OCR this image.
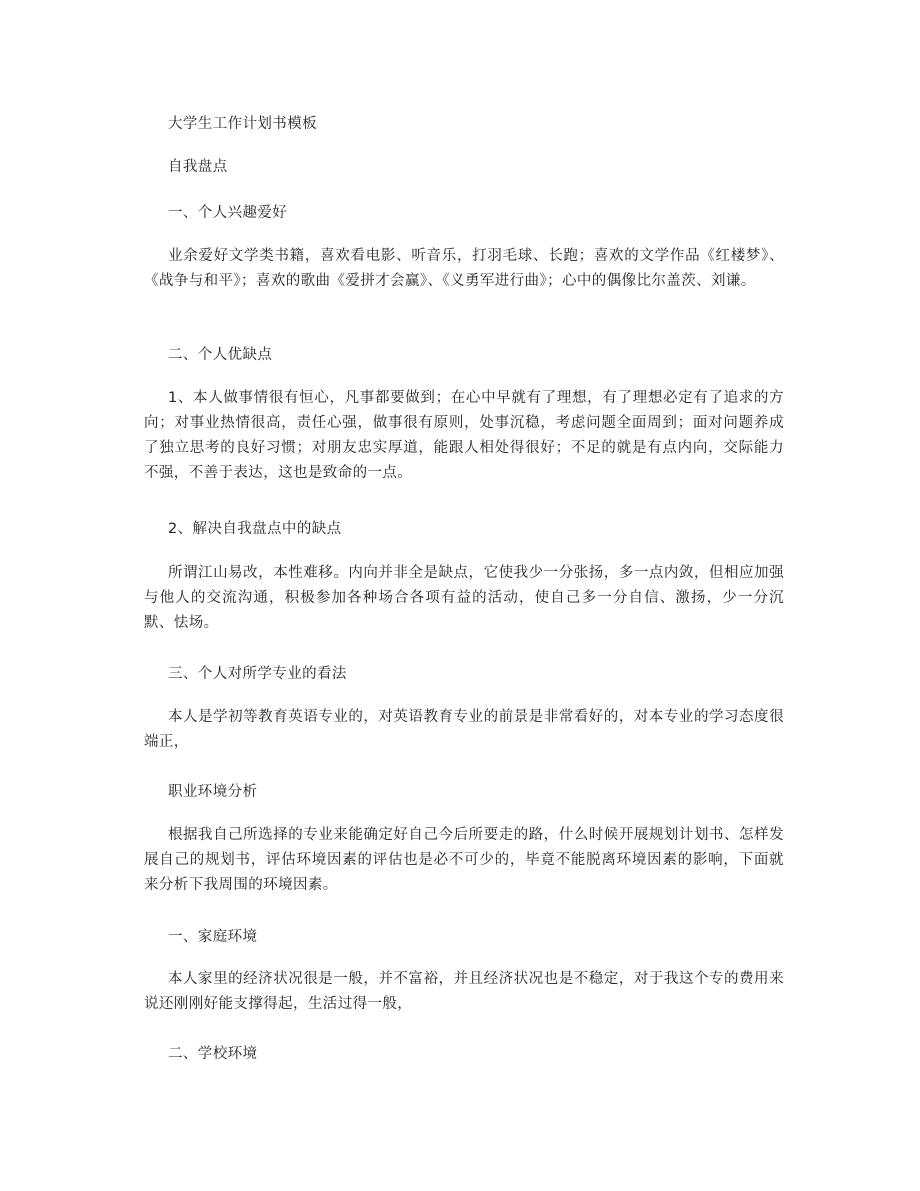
大学生工作计划书模板

自我盘点

一、个人兴趣爱好

业余爱好文学类书籍，喜欢看电影、听音乐，打羽毛球、长跑；喜欢的文学作品《红楼梦》、《战争与和平》；喜欢的歌曲《爱拼才会赢》、《义勇军进行曲》；心中的偶像比尔盖茨、刘谦。

二、个人优缺点

1、本人做事情很有恒心，凡事都要做到；在心中早就有了理想，有了理想必定有了追求的方向；对事业热情很高，责任心强，做事很有原则，处事沉稳，考虑问题全面周到；面对问题养成了独立思考的良好习惯；对朋友忠实厚道，能跟人相处得很好；不足的就是有点内向，交际能力不强，不善于表达，这也是致命的一点。

2、解决自我盘点中的缺点

所谓江山易改，本性难移。内向并非全是缺点，它使我少一分张扬，多一点内敛，但相应加强与他人的交流沟通，积极参加各种场合各项有益的活动，使自己多一分自信、激扬，少一分沉默、怯场。

三、个人对所学专业的看法

本人是学初等教育英语专业的，对英语教育专业的前景是非常看好的，对本专业的学习态度很端正，

职业环境分析

根据我自己所选择的专业来能确定好自己今后所要走的路，什么时候开展规划计划书、怎样发展自己的规划书，评估环境因素的评估也是必不可少的，毕竟不能脱离环境因素的影响，下面就来分析下我周围的环境因素。

一、家庭环境

本人家里的经济状况很是一般，并不富裕，并且经济状况也是不稳定，对于我这个专的费用来说还刚刚好能支撑得起，生活过得一般，

二、学校环境
